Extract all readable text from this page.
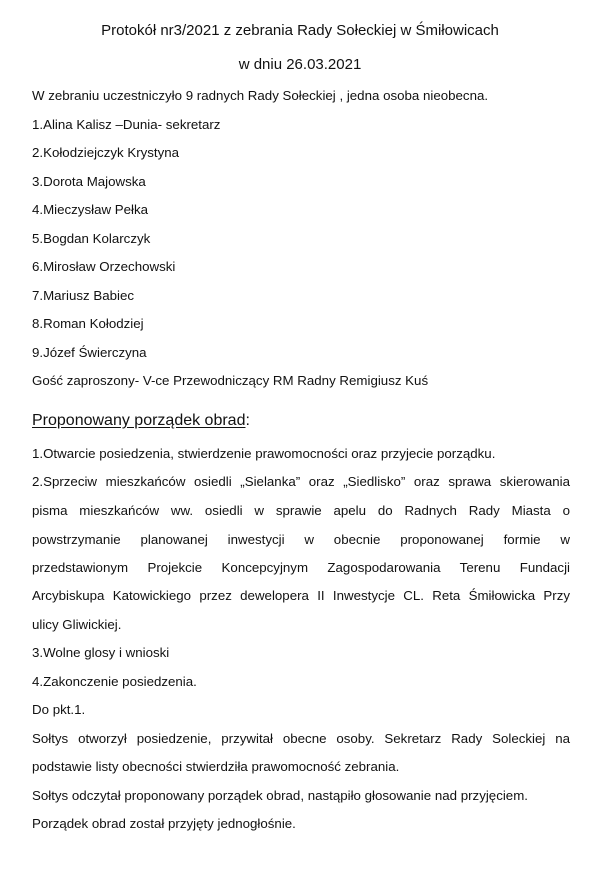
Protokół nr3/2021 z zebrania Rady Sołeckiej w Śmiłowicach
w dniu 26.03.2021
W zebraniu uczestniczyło 9 radnych Rady Sołeckiej , jedna osoba nieobecna.
1.Alina Kalisz –Dunia- sekretarz
2.Kołodziejczyk Krystyna
3.Dorota Majowska
4.Mieczysław Pełka
5.Bogdan Kolarczyk
6.Mirosław Orzechowski
7.Mariusz Babiec
8.Roman Kołodziej
9.Józef Świerczyna
Gość zaproszony- V-ce Przewodniczący RM Radny Remigiusz Kuś
Proponowany porządek obrad:
1.Otwarcie posiedzenia, stwierdzenie prawomocności oraz przyjecie porządku.
2.Sprzeciw mieszkańców osiedli „Sielanka” oraz „Siedlisko” oraz sprawa skierowania
pisma mieszkańców ww. osiedli w sprawie apelu do Radnych Rady Miasta o
powstrzymanie planowanej inwestycji w obecnie proponowanej formie w
przedstawionym Projekcie Koncepcyjnym Zagospodarowania Terenu Fundacji
Arcybiskupa Katowickiego przez dewelopera II Inwestycje CL. Reta Śmiłowicka Przy
ulicy Gliwickiej.
3.Wolne glosy i wnioski
4.Zakonczenie posiedzenia.
Do pkt.1.
Sołtys otworzył posiedzenie, przywitał obecne osoby. Sekretarz Rady Soleckiej na
podstawie listy obecności stwierdziła prawomocność zebrania.
Sołtys odczytał proponowany porządek obrad, nastąpiło głosowanie nad przyjęciem.
Porządek obrad został przyjęty jednogłośnie.
